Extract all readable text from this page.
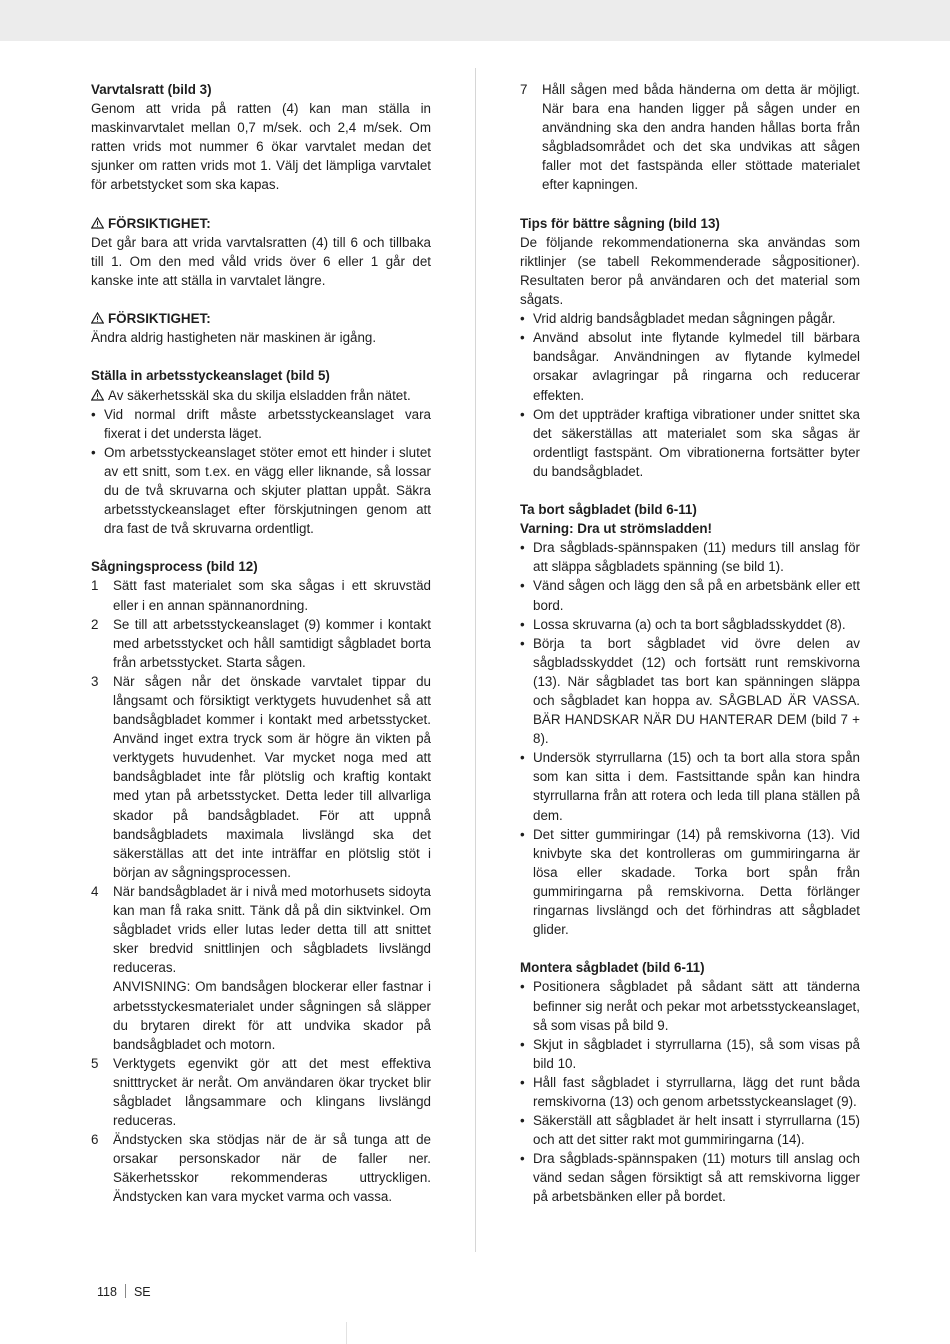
Varvtalsratt (bild 3)

Genom att vrida på ratten (4) kan man ställa in maskinvarvtalet mellan 0,7 m/sek. och 2,4 m/sek. Om ratten vrids mot nummer 6 ökar varvtalet medan det sjunker om ratten vrids mot 1. Välj det lämpliga varvtalet för arbetstycket som ska kapas.

FÖRSIKTIGHET:

Det går bara att vrida varvtalsratten (4) till 6 och tillbaka till 1. Om den med våld vrids över 6 eller 1 går det kanske inte att ställa in varvtalet längre.

FÖRSIKTIGHET:

Ändra aldrig hastigheten när maskinen är igång.

Ställa in arbetsstyckeanslaget (bild 5)

Av säkerhetsskäl ska du skilja elsladden från nätet.

• Vid normal drift måste arbetsstyckeanslaget vara fixerat i det understa läget.
• Om arbetsstyckeanslaget stöter emot ett hinder i slutet av ett snitt, som t.ex. en vägg eller liknande, så lossar du de två skruvarna och skjuter plattan uppåt. Säkra arbetsstyckeanslaget efter förskjutningen genom att dra fast de två skruvarna ordentligt.
Sågningsprocess (bild 12)
1 Sätt fast materialet som ska sågas i ett skruvstäd eller i en annan spännanordning.
2 Se till att arbetsstyckeanslaget (9) kommer i kontakt med arbetsstycket och håll samtidigt sågbladet borta från arbetsstycket. Starta sågen.
3 När sågen når det önskade varvtalet tippar du långsamt och försiktigt verktygets huvudenhet så att bandsågbladet kommer i kontakt med arbetsstycket. Använd inget extra tryck som är högre än vikten på verktygets huvudenhet. Var mycket noga med att bandsågbladet inte får plötslig och kraftig kontakt med ytan på arbetsstycket. Detta leder till allvarliga skador på bandsågbladet. För att uppnå bandsågbladets maximala livslängd ska det säkerställas att det inte inträffar en plötslig stöt i början av sågningsprocessen.
4 När bandsågbladet är i nivå med motorhusets sidoyta kan man få raka snitt. Tänk då på din siktvinkel. Om sågbladet vrids eller lutas leder detta till att snittet sker bredvid snittlinjen och sågbladets livslängd reduceras.
ANVISNING: Om bandsågen blockerar eller fastnar i arbetsstyckesmaterialet under sågningen så släpper du brytaren direkt för att undvika skador på bandsågbladet och motorn.
5 Verktygets egenvikt gör att det mest effektiva snitttrycket är neråt. Om användaren ökar trycket blir sågbladet långsammare och klingans livslängd reduceras.
6 Ändstycken ska stödjas när de är så tunga att de orsakar personskador när de faller ner. Säkerhetsskor rekommenderas uttryckligen. Ändstycken kan vara mycket varma och vassa.
7 Håll sågen med båda händerna om detta är möjligt. När bara ena handen ligger på sågen under en användning ska den andra handen hållas borta från sågbladsområdet och det ska undvikas att sågen faller mot det fastspända eller stöttade materialet efter kapningen.
Tips för bättre sågning (bild 13)

De följande rekommendationerna ska användas som riktlinjer (se tabell Rekommenderade sågpositioner). Resultaten beror på användaren och det material som sågats.

• Vrid aldrig bandsågbladet medan sågningen pågår.
• Använd absolut inte flytande kylmedel till bärbara bandsågar. Användningen av flytande kylmedel orsakar avlagringar på ringarna och reducerar effekten.
• Om det uppträder kraftiga vibrationer under snittet ska det säkerställas att materialet som ska sågas är ordentligt fastspänt. Om vibrationerna fortsätter byter du bandsågbladet.
Ta bort sågbladet (bild 6-11)
Varning: Dra ut strömsladden!
• Dra sågblads-spännspaken (11) medurs till anslag för att släppa sågbladets spänning (se bild 1).
• Vänd sågen och lägg den så på en arbetsbänk eller ett bord.
• Lossa skruvarna (a) och ta bort sågbladsskyddet (8).
• Börja ta bort sågbladet vid övre delen av sågbladsskyddet (12) och fortsätt runt remskivorna (13). När sågbladet tas bort kan spänningen släppa och sågbladet kan hoppa av. SÅGBLAD ÄR VASSA. BÄR HANDSKAR NÄR DU HANTERAR DEM (bild 7 + 8).
• Undersök styrrullarna (15) och ta bort alla stora spån som kan sitta i dem. Fastsittande spån kan hindra styrrullarna från att rotera och leda till plana ställen på dem.
• Det sitter gummiringar (14) på remskivorna (13). Vid knivbyte ska det kontrolleras om gummiringarna är lösa eller skadade. Torka bort spån från gummiringarna på remskivorna. Detta förlänger ringarnas livslängd och det förhindras att sågbladet glider.
Montera sågbladet (bild 6-11)
• Positionera sågbladet på sådant sätt att tänderna befinner sig neråt och pekar mot arbetsstyckeanslaget, så som visas på bild 9.
• Skjut in sågbladet i styrrullarna (15), så som visas på bild 10.
• Håll fast sågbladet i styrrullarna, lägg det runt båda remskivorna (13) och genom arbetsstyckeanslaget (9).
• Säkerställ att sågbladet är helt insatt i styrrullarna (15) och att det sitter rakt mot gummiringarna (14).
• Dra sågblads-spännspaken (11) moturs till anslag och vänd sedan sågen försiktigt så att remskivorna ligger på arbetsbänken eller på bordet.
118 SE
